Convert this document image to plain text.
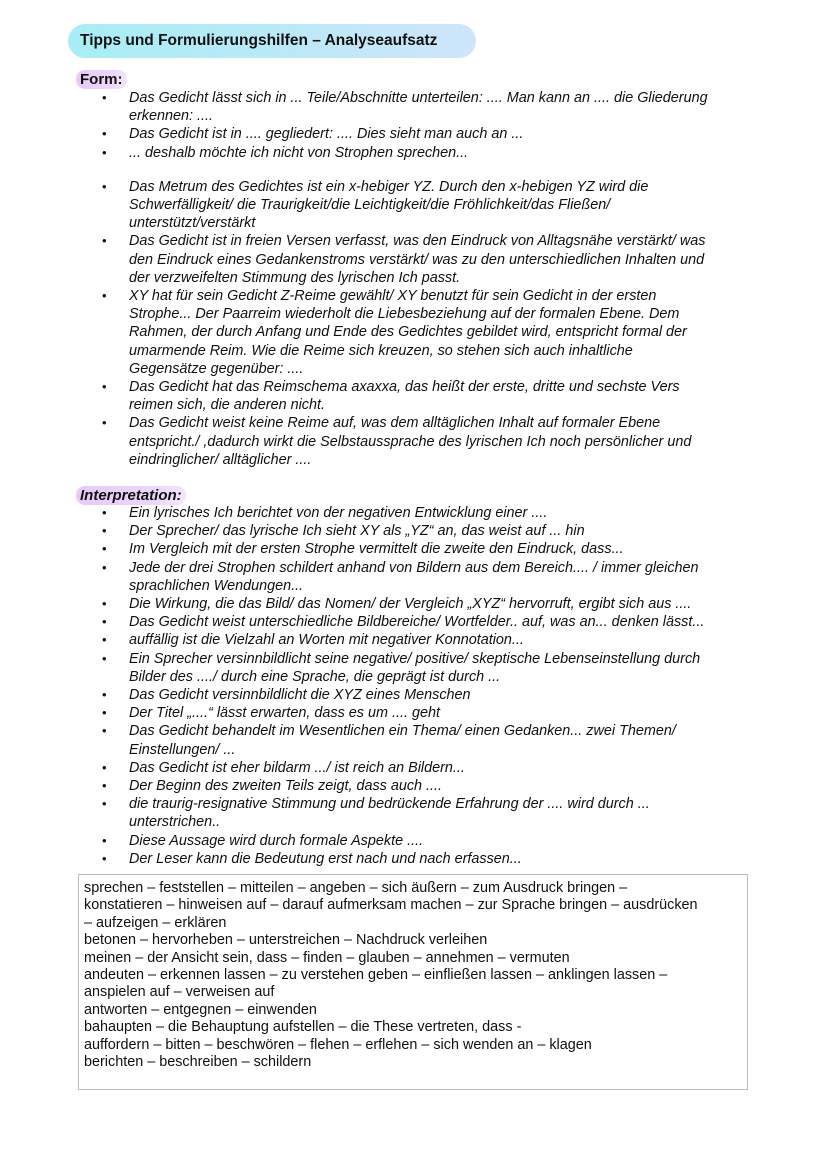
Tipps und Formulierungshilfen – Analyseaufsatz
Form:
• Das Gedicht lässt sich in ... Teile/Abschnitte unterteilen: .... Man kann an .... die Gliederung
erkennen: ....
• Das Gedicht ist in .... gegliedert: .... Dies sieht man auch an ...
• ... deshalb möchte ich nicht von Strophen sprechen...
• Das Metrum des Gedichtes ist ein x-hebiger YZ. Durch den x-hebigen YZ wird die
Schwerfälligkeit/ die Traurigkeit/die Leichtigkeit/die Fröhlichkeit/das Fließen/
unterstützt/verstärkt
• Das Gedicht ist in freien Versen verfasst, was den Eindruck von Alltagsnähe verstärkt/ was
den Eindruck eines Gedankenstroms verstärkt/ was zu den unterschiedlichen Inhalten und
der verzweifelten Stimmung des lyrischen Ich passt.
• XY hat für sein Gedicht Z-Reime gewählt/ XY benutzt für sein Gedicht in der ersten
Strophe... Der Paarreim wiederholt die Liebesbeziehung auf der formalen Ebene. Dem
Rahmen, der durch Anfang und Ende des Gedichtes gebildet wird, entspricht formal der
umarmende Reim. Wie die Reime sich kreuzen, so stehen sich auch inhaltliche
Gegensätze gegenüber: ....
• Das Gedicht hat das Reimschema axaxxa, das heißt der erste, dritte und sechste Vers
reimen sich, die anderen nicht.
• Das Gedicht weist keine Reime auf, was dem alltäglichen Inhalt auf formaler Ebene
entspricht./ ,dadurch wirkt die Selbstaussprache des lyrischen Ich noch persönlicher und
eindringlicher/ alltäglicher ....
Interpretation:
• Ein lyrisches Ich berichtet von der negativen Entwicklung einer ....
• Der Sprecher/ das lyrische Ich sieht XY als „YZ“ an, das weist auf ... hin
• Im Vergleich mit der ersten Strophe vermittelt die zweite den Eindruck, dass...
• Jede der drei Strophen schildert anhand von Bildern aus dem Bereich.... / immer gleichen
sprachlichen Wendungen...
• Die Wirkung, die das Bild/ das Nomen/ der Vergleich „XYZ“ hervorruft, ergibt sich aus ....
• Das Gedicht weist unterschiedliche Bildbereiche/ Wortfelder.. auf, was an... denken lässt...
• auffällig ist die Vielzahl an Worten mit negativer Konnotation...
• Ein Sprecher versinnbildlicht seine negative/ positive/ skeptische Lebenseinstellung durch
Bilder des ..../ durch eine Sprache, die geprägt ist durch ...
• Das Gedicht versinnbildlicht die XYZ eines Menschen
• Der Titel „....“ lässt erwarten, dass es um .... geht
• Das Gedicht behandelt im Wesentlichen ein Thema/ einen Gedanken... zwei Themen/
Einstellungen/ ...
• Das Gedicht ist eher bildarm .../ ist reich an Bildern...
• Der Beginn des zweiten Teils zeigt, dass auch ....
• die traurig-resignative Stimmung und bedrückende Erfahrung der .... wird durch ...
unterstrichen..
• Diese Aussage wird durch formale Aspekte ....
• Der Leser kann die Bedeutung erst nach und nach erfassen...
sprechen – feststellen – mitteilen – angeben – sich äußern – zum Ausdruck bringen –
konstatieren – hinweisen auf – darauf aufmerksam machen – zur Sprache bringen – ausdrücken
– aufzeigen – erklären
betonen – hervorheben – unterstreichen – Nachdruck verleihen
meinen – der Ansicht sein, dass – finden – glauben – annehmen – vermuten
andeuten – erkennen lassen – zu verstehen geben – einfließen lassen – anklingen lassen –
anspielen auf – verweisen auf
antworten – entgegnen – einwenden
bahaupten – die Behauptung aufstellen – die These vertreten, dass -
auffordern – bitten – beschwören – flehen – erflehen – sich wenden an – klagen
berichten – beschreiben – schildern
